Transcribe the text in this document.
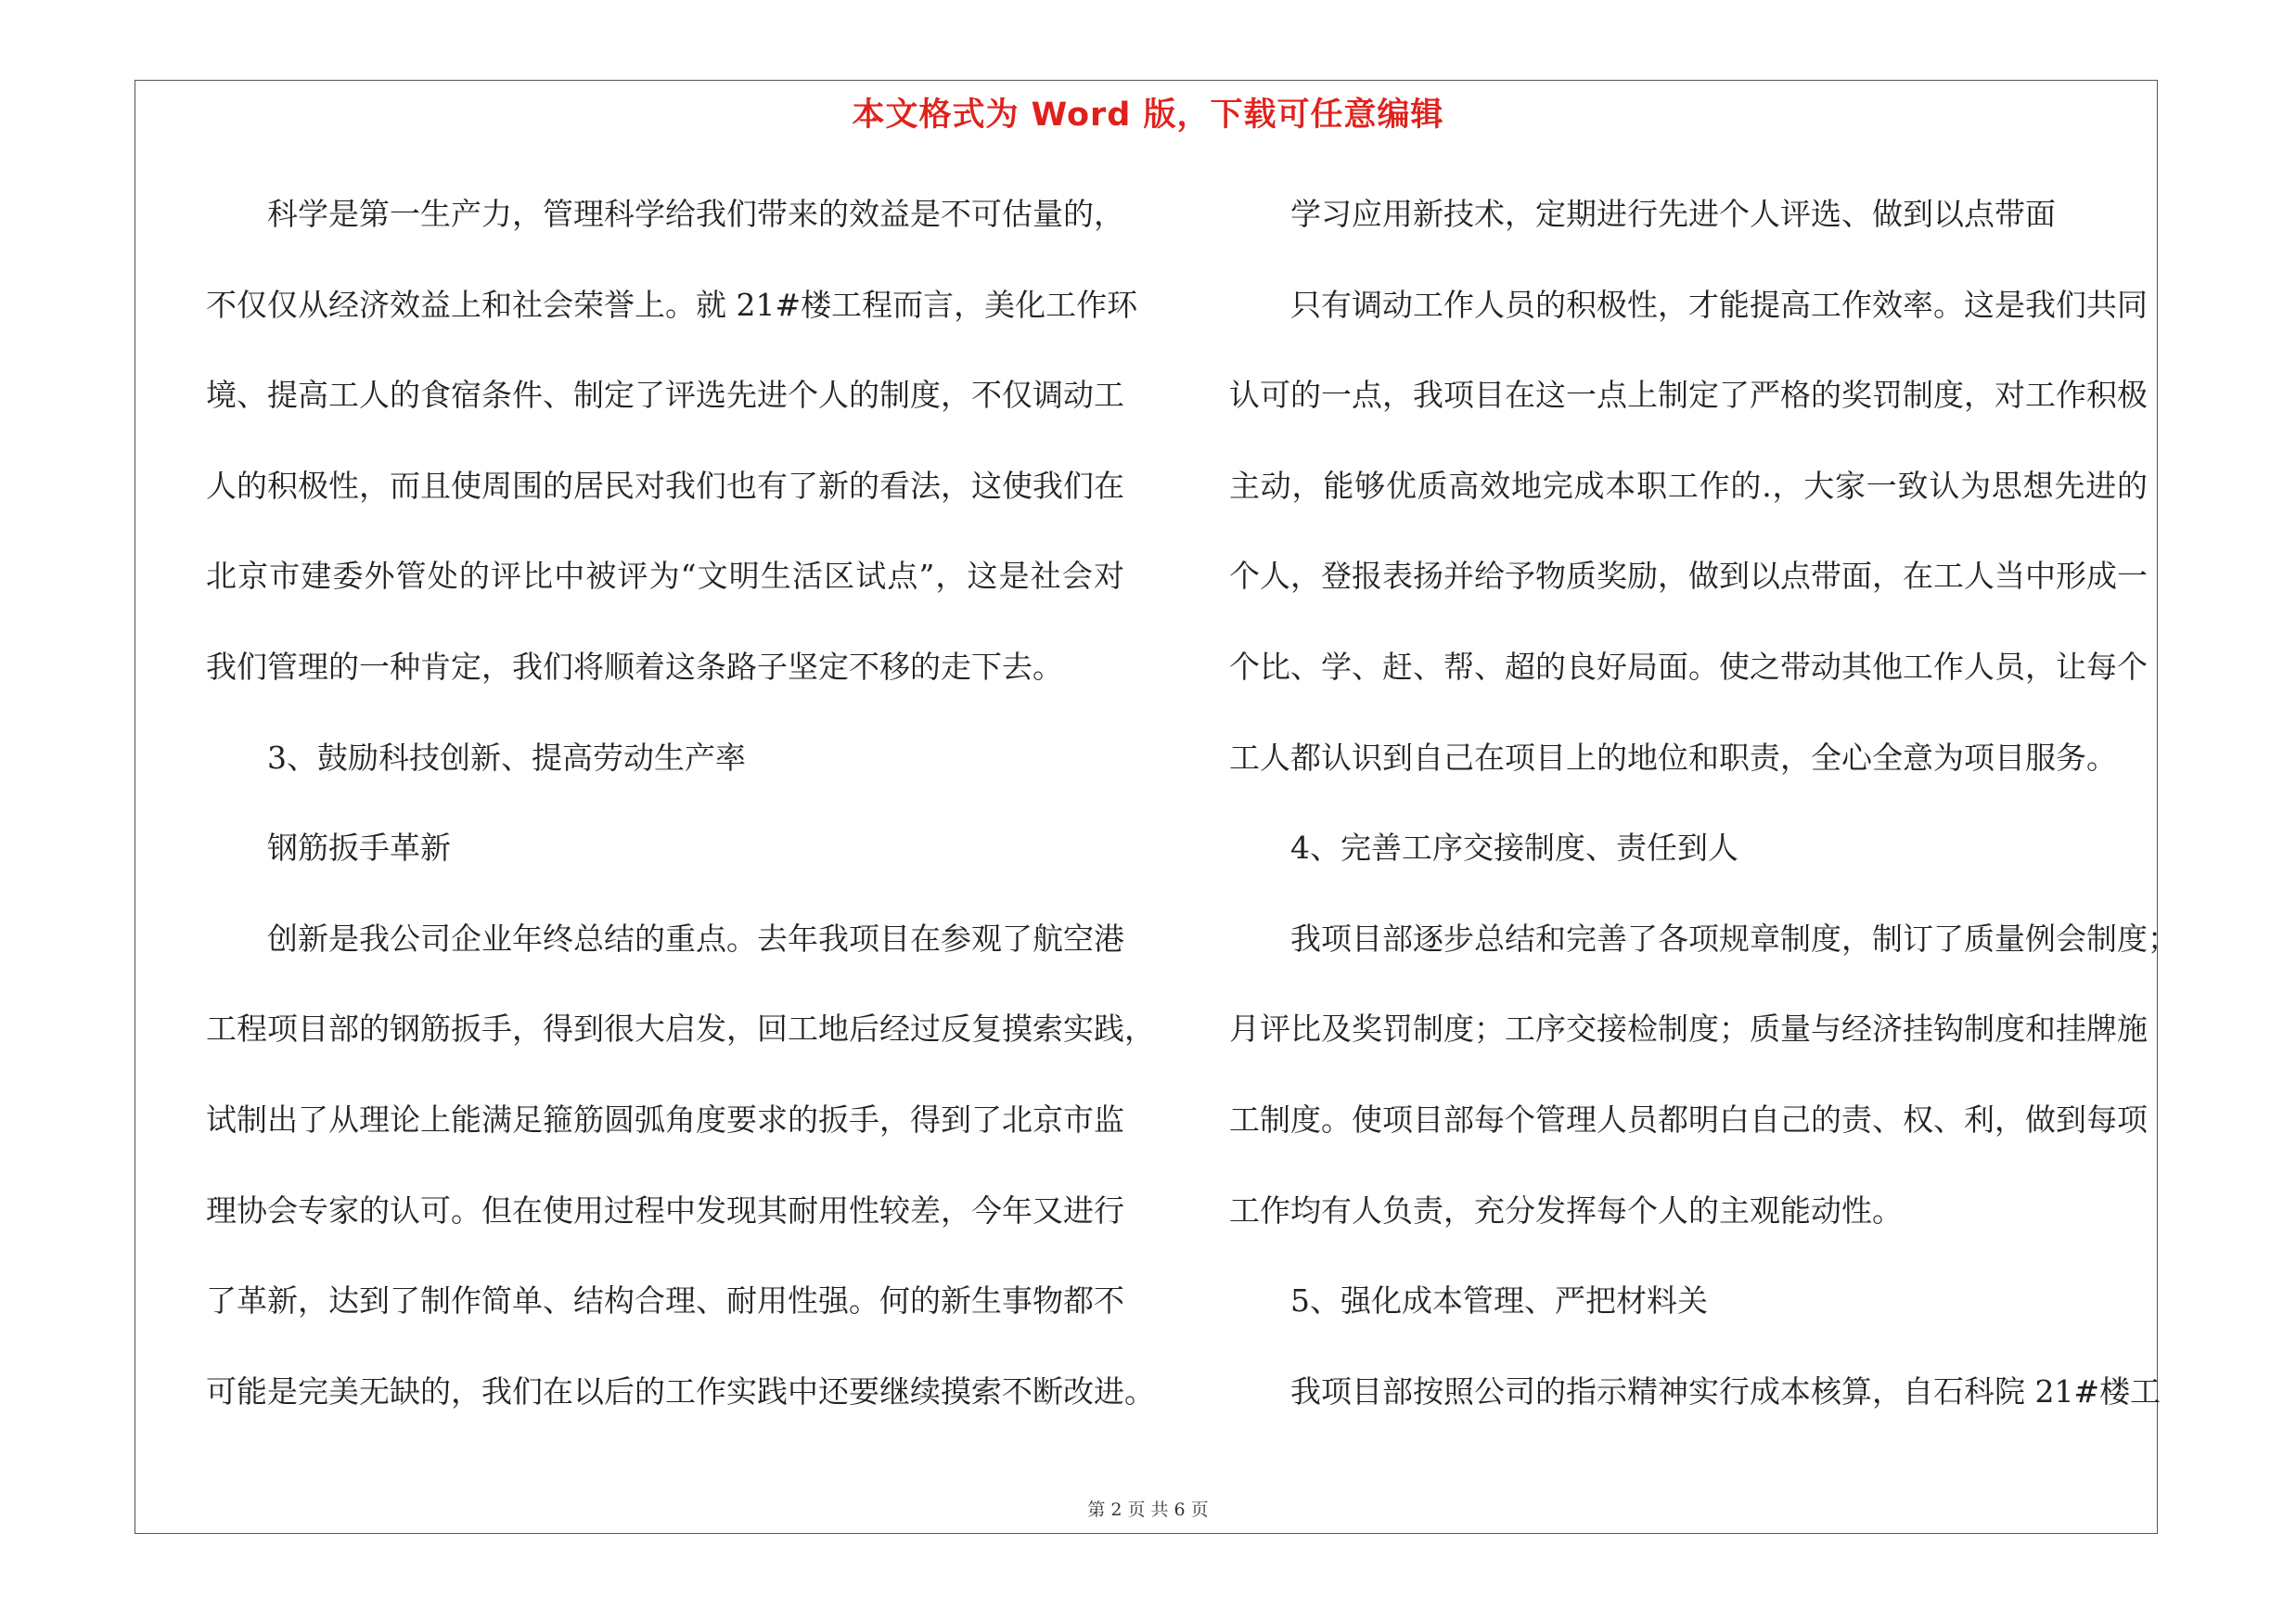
本文格式为 Word 版，下载可任意编辑
科学是第一生产力，管理科学给我们带来的效益是不可估量的，
不仅仅从经济效益上和社会荣誉上。就 21#楼工程而言，美化工作环
境、提高工人的食宿条件、制定了评选先进个人的制度，不仅调动工
人的积极性，而且使周围的居民对我们也有了新的看法，这使我们在
北京市建委外管处的评比中被评为“文明生活区试点”，这是社会对
我们管理的一种肯定，我们将顺着这条路子坚定不移的走下去。
3、鼓励科技创新、提高劳动生产率
钢筋扳手革新
创新是我公司企业年终总结的重点。去年我项目在参观了航空港
工程项目部的钢筋扳手，得到很大启发，回工地后经过反复摸索实践，
试制出了从理论上能满足箍筋圆弧角度要求的扳手，得到了北京市监
理协会专家的认可。但在使用过程中发现其耐用性较差，今年又进行
了革新，达到了制作简单、结构合理、耐用性强。何的新生事物都不
可能是完美无缺的，我们在以后的工作实践中还要继续摸索不断改进。
学习应用新技术，定期进行先进个人评选、做到以点带面
只有调动工作人员的积极性，才能提高工作效率。这是我们共同
认可的一点，我项目在这一点上制定了严格的奖罚制度，对工作积极
主动，能够优质高效地完成本职工作的.，大家一致认为思想先进的
个人，登报表扬并给予物质奖励，做到以点带面，在工人当中形成一
个比、学、赶、帮、超的良好局面。使之带动其他工作人员，让每个
工人都认识到自己在项目上的地位和职责，全心全意为项目服务。
4、完善工序交接制度、责任到人
我项目部逐步总结和完善了各项规章制度，制订了质量例会制度；
月评比及奖罚制度；工序交接检制度；质量与经济挂钩制度和挂牌施
工制度。使项目部每个管理人员都明白自己的责、权、利，做到每项
工作均有人负责，充分发挥每个人的主观能动性。
5、强化成本管理、严把材料关
我项目部按照公司的指示精神实行成本核算，自石科院 21#楼工
第 2 页 共 6 页
